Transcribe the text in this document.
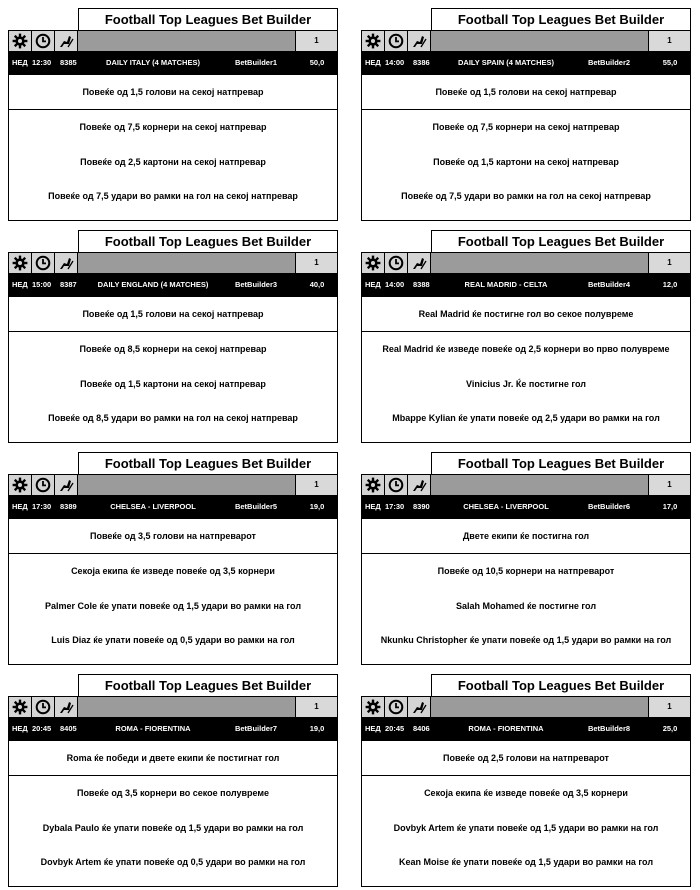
Football Top Leagues Bet Builder
1
НЕД 12:30 8385	DAILY ITALY (4 MATCHES)	BetBuilder1	50,0
Повеќе од 1,5 голови на секој натпревар
Повеќе од 7,5 корнери на секој натпревар
Повеќе од 2,5 картони на секој натпревар
Повеќе од 7,5 удари во рамки на гол на секој натпревар
Football Top Leagues Bet Builder
1
НЕД 14:00 8386	DAILY SPAIN (4 MATCHES)	BetBuilder2	55,0
Повеќе од 1,5 голови на секој натпревар
Повеќе од 7,5 корнери на секој натпревар
Повеќе од 1,5 картони на секој натпревар
Повеќе од 7,5 удари во рамки на гол на секој натпревар
Football Top Leagues Bet Builder
1
НЕД 15:00 8387	DAILY ENGLAND (4 MATCHES)	BetBuilder3	40,0
Повеќе од 1,5 голови на секој натпревар
Повеќе од 8,5 корнери на секој натпревар
Повеќе од 1,5 картони на секој натпревар
Повеќе од 8,5 удари во рамки на гол на секој натпревар
Football Top Leagues Bet Builder
1
НЕД 14:00 8388	REAL MADRID - CELTA	BetBuilder4	12,0
Real Madrid ќе постигне гол во секое полувреме
Real Madrid ќе изведе повеќе од 2,5 корнери во прво полувреме
Vinicius Jr. Ќе постигне гол
Mbappe Kylian ќе упати повеќе од 2,5 удари во рамки на гол
Football Top Leagues Bet Builder
1
НЕД 17:30 8389	CHELSEA - LIVERPOOL	BetBuilder5	19,0
Повеќе од 3,5 голови на натпреварот
Секоја екипа ќе изведе повеќе од 3,5 корнери
Palmer Cole ќе упати повеќе од 1,5 удари во рамки на гол
Luis Diaz ќе упати повеќе од 0,5 удари во рамки на гол
Football Top Leagues Bet Builder
1
НЕД 17:30 8390	CHELSEA - LIVERPOOL	BetBuilder6	17,0
Двете екипи ќе постигна гол
Повеќе од 10,5 корнери на натпреварот
Salah Mohamed ќе постигне гол
Nkunku Christopher ќе упати повеќе од 1,5 удари во рамки на гол
Football Top Leagues Bet Builder
1
НЕД 20:45 8405	ROMA - FIORENTINA	BetBuilder7	19,0
Roma ќе победи и двете екипи ќе постигнат гол
Повеќе од 3,5 корнери во секое полувреме
Dybala Paulo ќе упати повеќе од 1,5 удари во рамки на гол
Dovbyk Artem ќе упати повеќе од 0,5 удари во рамки на гол
Football Top Leagues Bet Builder
1
НЕД 20:45 8406	ROMA - FIORENTINA	BetBuilder8	25,0
Повеќе од 2,5 голови на натпреварот
Секоја екипа ќе изведе повеќе од 3,5 корнери
Dovbyk Artem ќе упати повеќе од 1,5 удари во рамки на гол
Kean Moise ќе упати повеќе од 1,5 удари во рамки на гол
